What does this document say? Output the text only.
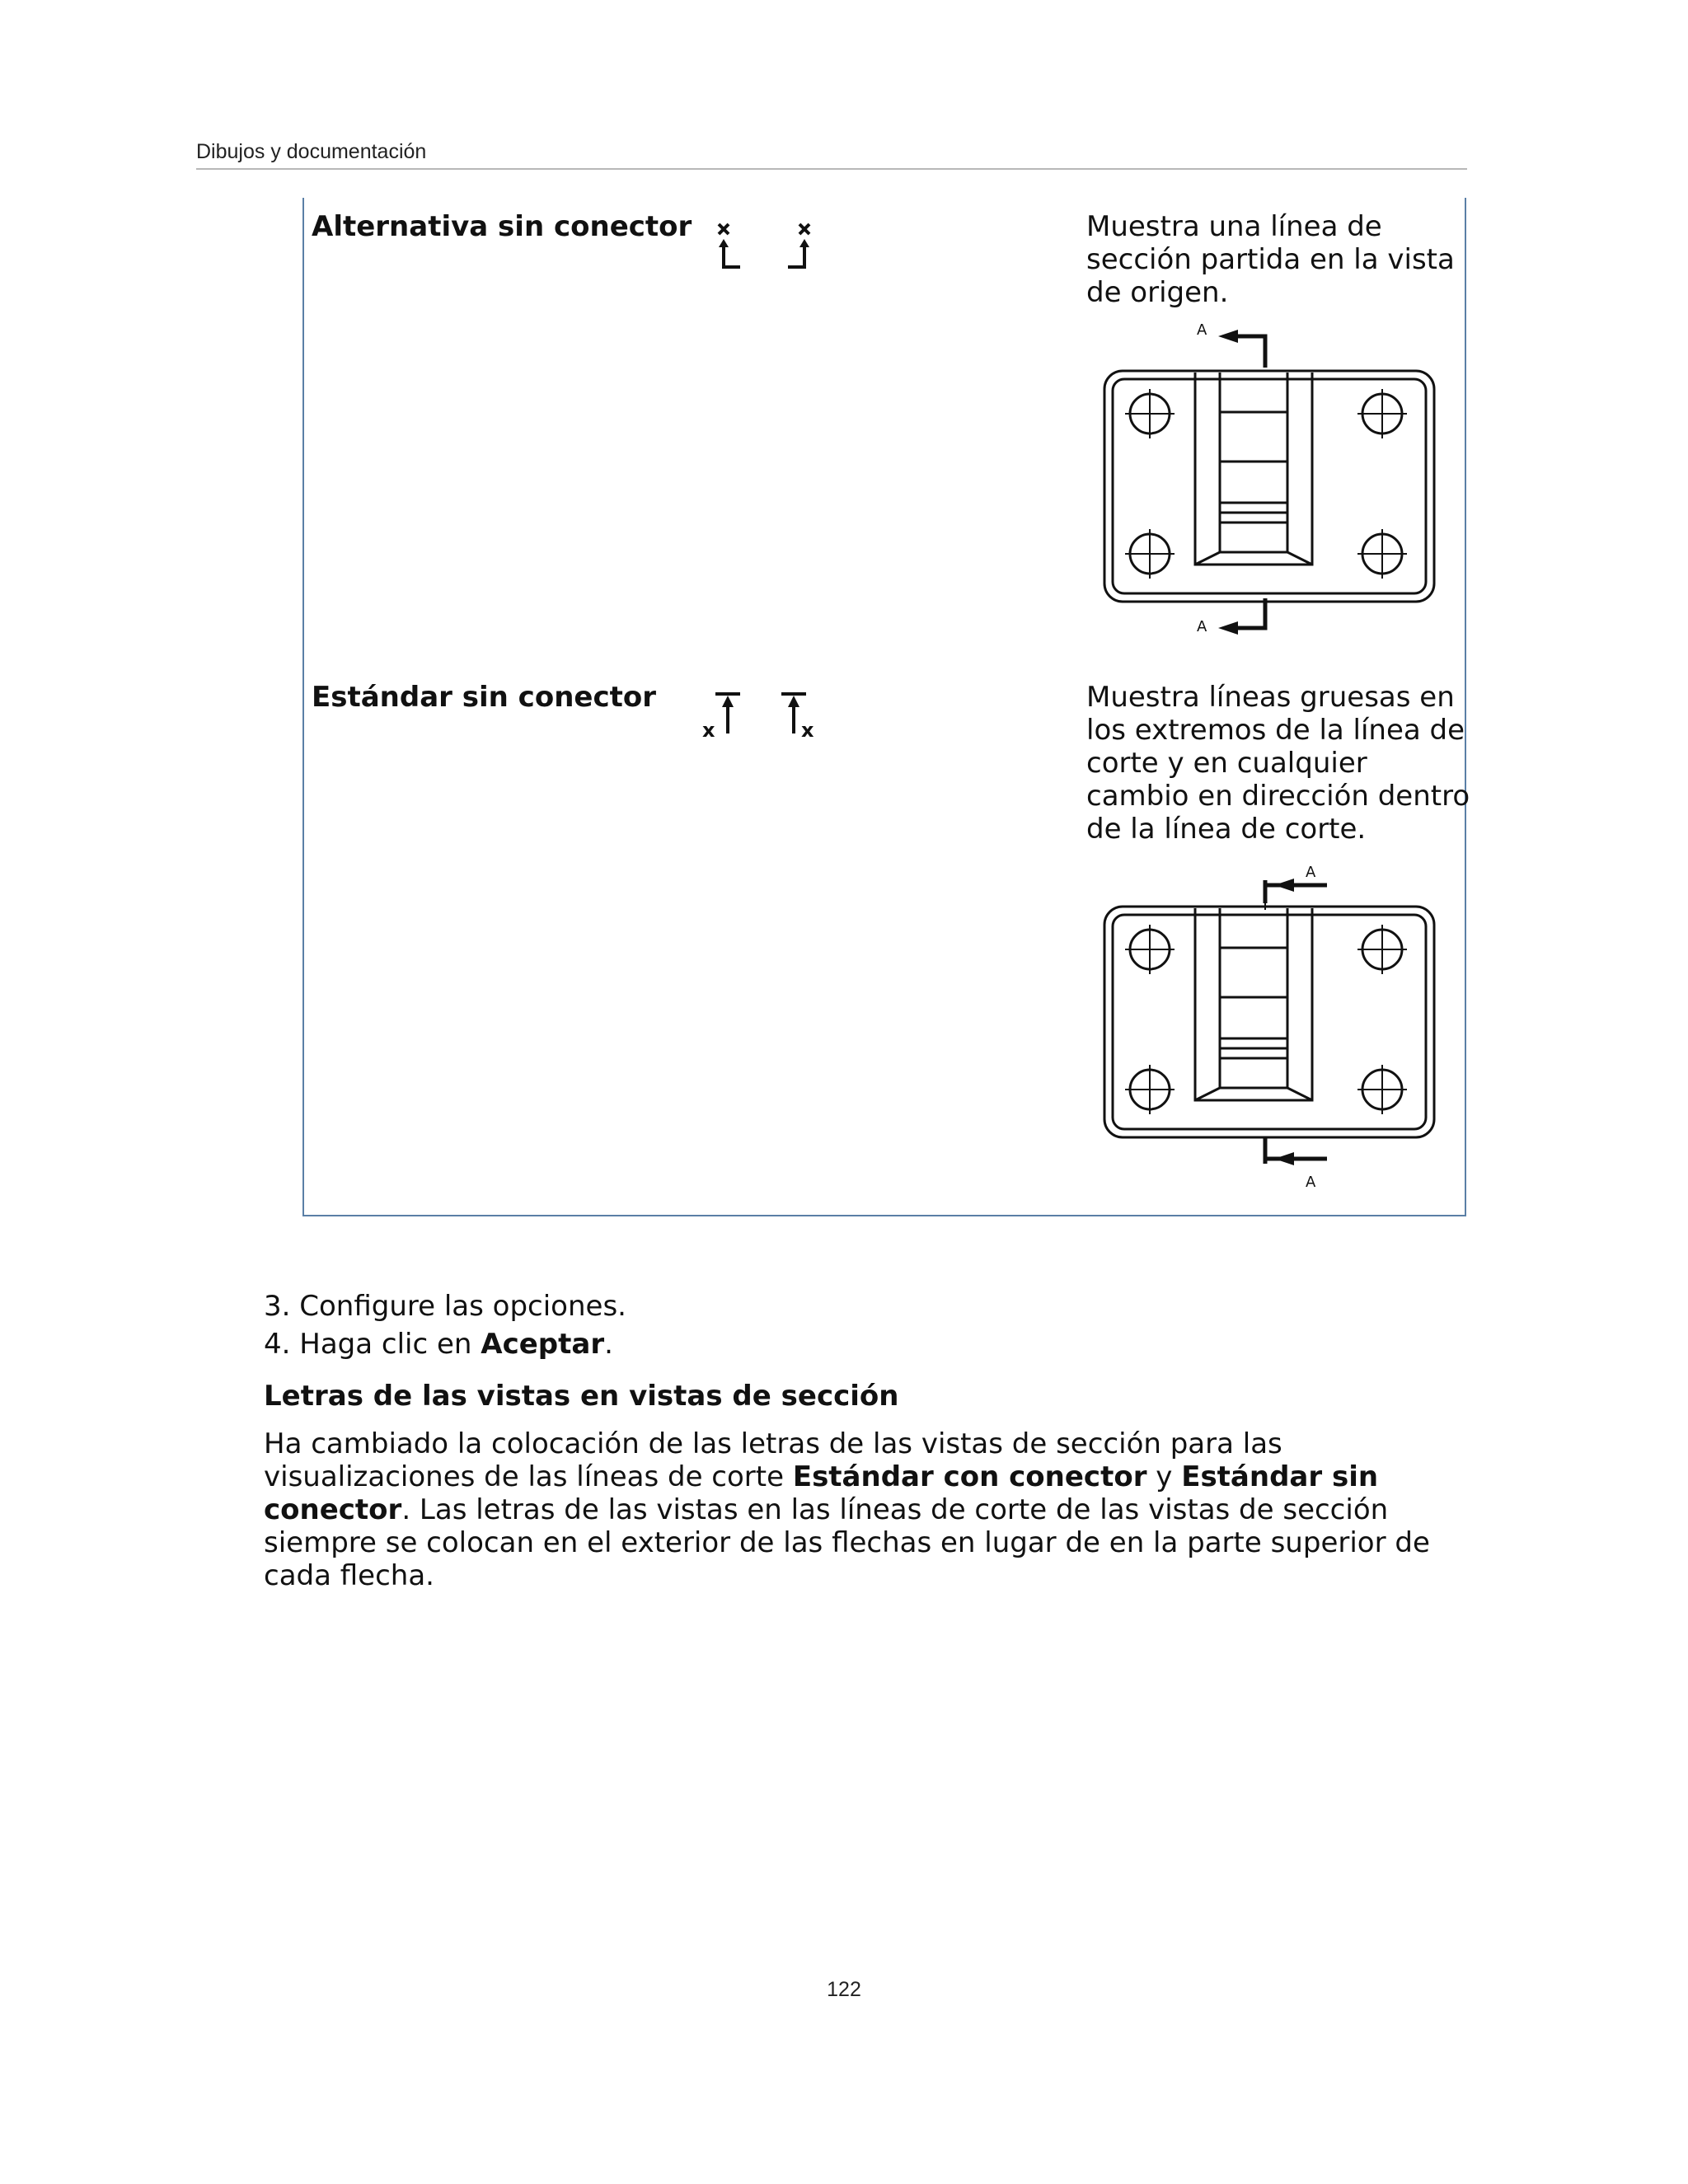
Dibujos y documentación
Alternativa sin conector	Muestra una línea de sección partida en la vista de origen.
A
A
Estándar sin conector
x	x
Muestra líneas gruesas en los extremos de la línea de corte y en cualquier cambio en dirección dentro de la línea de corte.
A
A
3. Configure las opciones.
4. Haga clic en Aceptar.
Letras de las vistas en vistas de sección
Ha cambiado la colocación de las letras de las vistas de sección para las visualizaciones de las líneas de corte Estándar con conector y Estándar sin conector. Las letras de las vistas en las líneas de corte de las vistas de sección siempre se colocan en el exterior de las flechas en lugar de en la parte superior de cada flecha.
122
